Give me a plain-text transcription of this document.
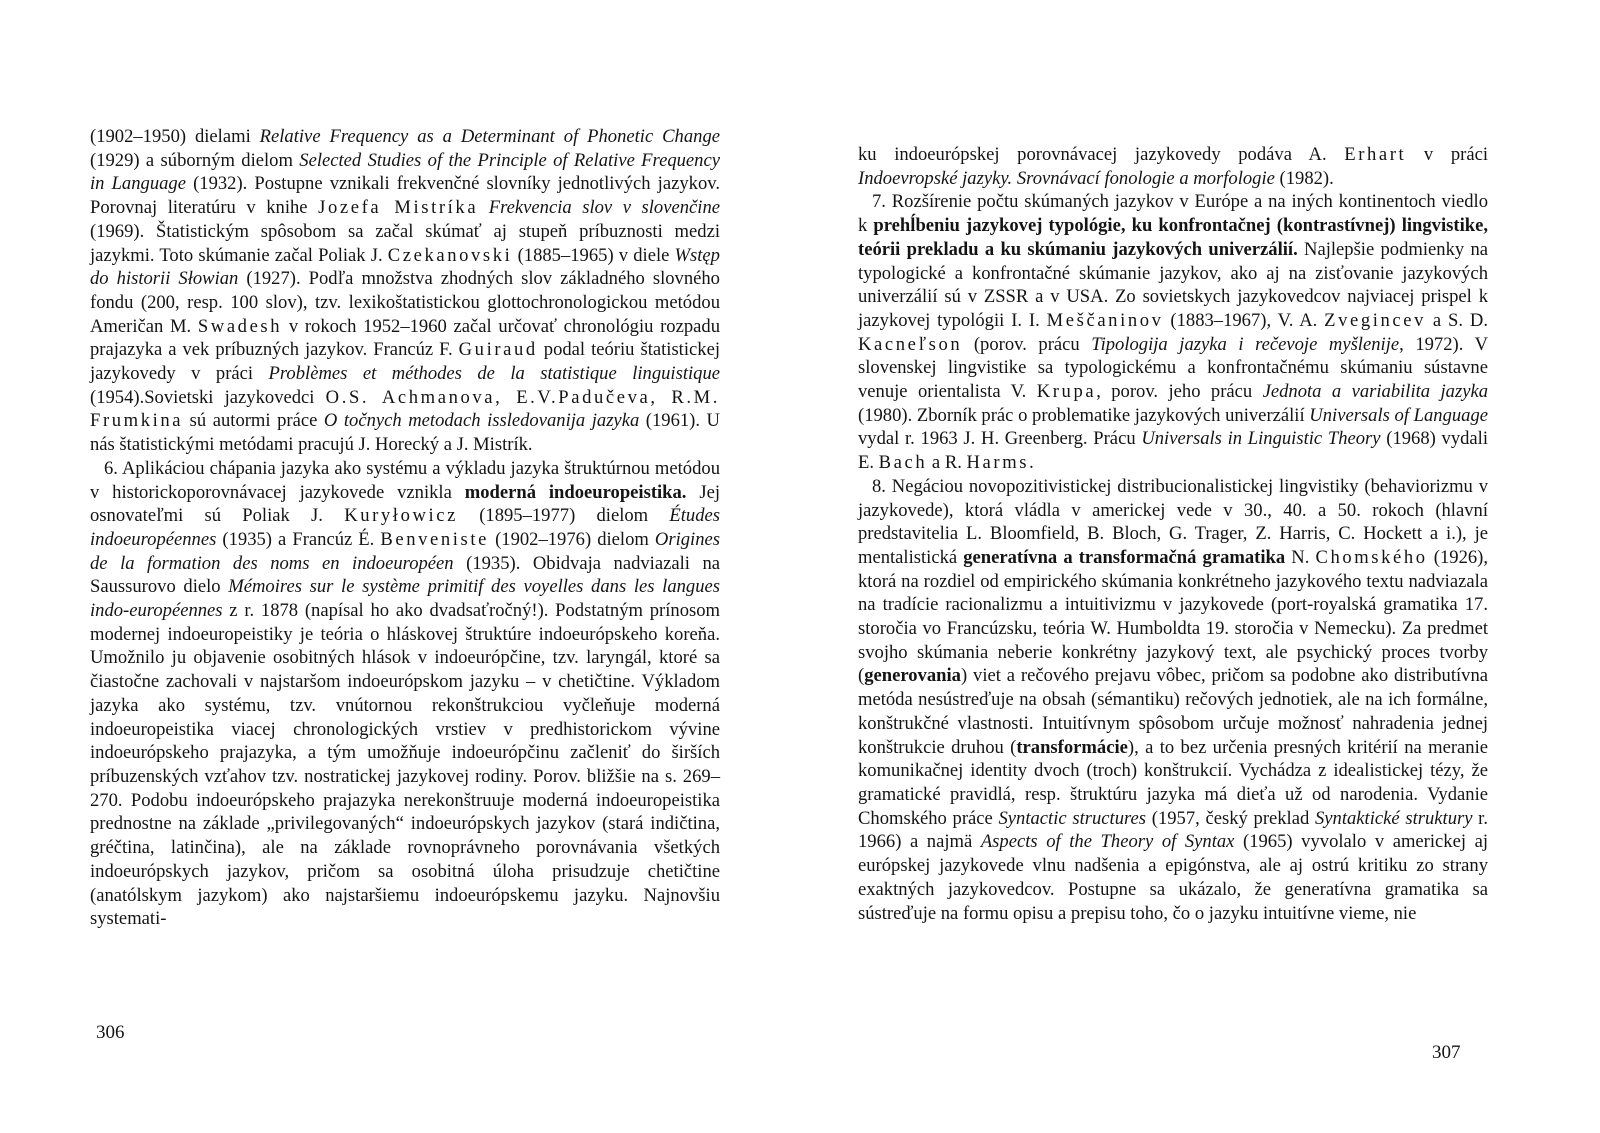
(1902–1950) dielami Relative Frequency as a Determinant of Phonetic Change (1929) a súborným dielom Selected Studies of the Principle of Relative Frequency in Language (1932). Postupne vznikali frekvenčné slovníky jednotlivých jazykov. Porovnaj literatúru v knihe Jozefa Mistríka Frekvencia slov v slovenčine (1969). Štatistickým spôsobom sa začal skúmať aj stupeň príbuznosti medzi jazykmi. Toto skúmanie začal Poliak J. Czekanovski (1885–1965) v diele Wstęp do historii Słowian (1927). Podľa množstva zhodných slov základného slovného fondu (200, resp. 100 slov), tzv. lexikoštatistickou glottochronologickou metódou Američan M. Swadesh v rokoch 1952–1960 začal určovať chronológiu rozpadu prajazyka a vek príbuzných jazykov. Francúz F. Guiraud podal teóriu štatistickej jazykovedy v práci Problèmes et méthodes de la statistique linguistique (1954).Sovietski jazykovedci O.S. Achmanova, E.V.Padučeva, R.M. Frumkina sú autormi práce O točnych metodach issledovanija jazyka (1961). U nás štatistickými metódami pracujú J. Horecký a J. Mistrík.

6. Aplikáciou chápania jazyka ako systému a výkladu jazyka štruktúrnou metódou v historickoporovnávacej jazykovede vznikla moderná indoeuropeistika. Jej osnovateľmi sú Poliak J. Kuryłowicz (1895–1977) dielom Études indoeuropéennes (1935) a Francúz É. Benveniste (1902–1976) dielom Origines de la formation des noms en indoeuropéen (1935). Obidvaja nadviazali na Saussurovo dielo Mémoires sur le système primitif des voyelles dans les langues indo-européennes z r. 1878 (napísal ho ako dvadsaťročný!). Podstatným prínosom modernej indoeuropeistiky je teória o hláskovej štruktúre indoeurópskeho koreňa. Umožnilo ju objavenie osobitných hlások v indoeurópčine, tzv. laryngál, ktoré sa čiastočne zachovali v najstaršom indoeurópskom jazyku – v chetičtine. Výkladom jazyka ako systému, tzv. vnútornou rekonštrukciou vyčleňuje moderná indoeuropeistika viacej chronologických vrstiev v predhistorickom vývine indoeurópskeho prajazyka, a tým umožňuje indoeurópčinu začleniť do širších príbuzenských vzťahov tzv. nostratickej jazykovej rodiny. Porov. bližšie na s. 269–270. Podobu indoeurópskeho prajazyka nerekonštruuje moderná indoeuropeistika prednostne na základe „privilegovaných“ indoeurópskych jazykov (stará indičtina, gréčtina, latinčina), ale na základe rovnoprávneho porovnávania všetkých indoeurópskych jazykov, pričom sa osobitná úloha prisudzuje chetičtine (anatólskym jazykom) ako najstaršiemu indoeurópskemu jazyku. Najnovšiu systemati-

306

ku indoeurópskej porovnávacej jazykovedy podáva A. Erhart v práci Indoevropské jazyky. Srovnávací fonologie a morfologie (1982).

7. Rozšírenie počtu skúmaných jazykov v Európe a na iných kontinentoch viedlo k prehĺbeniu jazykovej typológie, ku konfrontačnej (kontrastívnej) lingvistike, teórii prekladu a ku skúmaniu jazykových univerzálií. Najlepšie podmienky na typologické a konfrontačné skúmanie jazykov, ako aj na zisťovanie jazykových univerzálií sú v ZSSR a v USA. Zo sovietskych jazykovedcov najviacej prispel k jazykovej typológii I. I. Meščaninov (1883–1967), V. A. Zvegincev a S. D. Kacneľson (porov. prácu Tipologija jazyka i rečevoje myšlenije, 1972). V slovenskej lingvistike sa typologickému a konfrontačnému skúmaniu sústavne venuje orientalista V. Krupa, porov. jeho prácu Jednota a variabilita jazyka (1980). Zborník prác o problematike jazykových univerzálií Universals of Language vydal r. 1963 J. H. Greenberg. Prácu Universals in Linguistic Theory (1968) vydali E. Bach a R. Harms.

8. Negáciou novopozitivistickej distribucionalistickej lingvistiky (behaviorizmu v jazykovede), ktorá vládla v americkej vede v 30., 40. a 50. rokoch (hlavní predstavitelia L. Bloomfield, B. Bloch, G. Trager, Z. Harris, C. Hockett a i.), je mentalistická generatívna a transformačná gramatika N. Chomského (1926), ktorá na rozdiel od empirického skúmania konkrétneho jazykového textu nadviazala na tradície racionalizmu a intuitivizmu v jazykovede (port-royalská gramatika 17. storočia vo Francúzsku, teória W. Humboldta 19. storočia v Nemecku). Za predmet svojho skúmania neberie konkrétny jazykový text, ale psychický proces tvorby (generovania) viet a rečového prejavu vôbec, pričom sa podobne ako distributívna metóda nesústreďuje na obsah (sémantiku) rečových jednotiek, ale na ich formálne, konštrukčné vlastnosti. Intuitívnym spôsobom určuje možnosť nahradenia jednej konštrukcie druhou (transformácie), a to bez určenia presných kritérií na meranie komunikačnej identity dvoch (troch) konštrukcií. Vychádza z idealistickej tézy, že gramatické pravidlá, resp. štruktúru jazyka má dieťa už od narodenia. Vydanie Chomského práce Syntactic structures (1957, český preklad Syntaktické struktury r. 1966) a najmä Aspects of the Theory of Syntax (1965) vyvolalo v americkej aj európskej jazykovede vlnu nadšenia a epigónstva, ale aj ostrú kritiku zo strany exaktných jazykovedcov. Postupne sa ukázalo, že generatívna gramatika sa sústreďuje na formu opisu a prepisu toho, čo o jazyku intuitívne vieme, nie

307
